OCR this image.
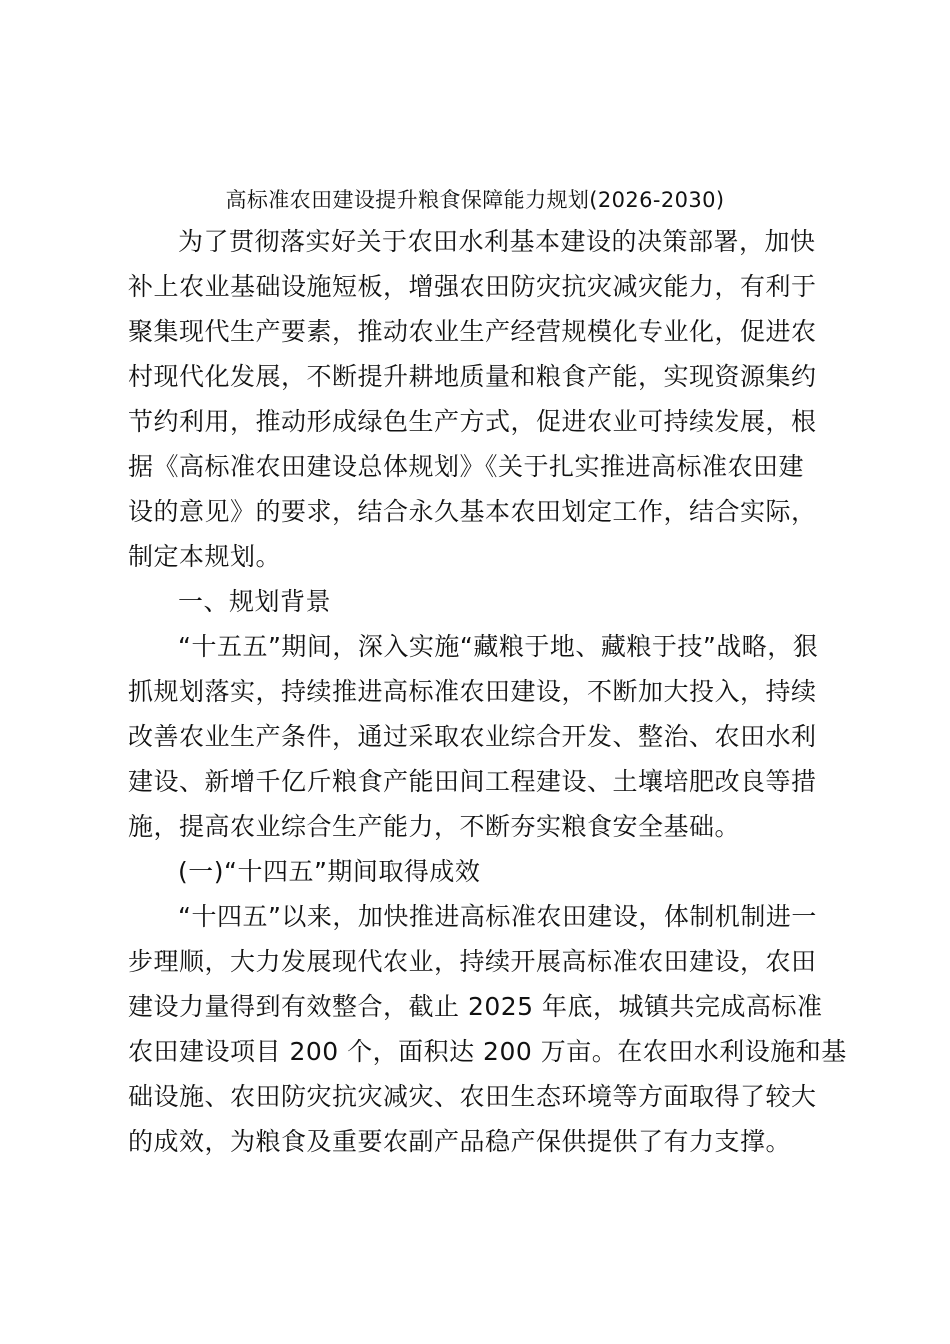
高标准农田建设提升粮食保障能力规划(2026-2030)
为了贯彻落实好关于农田水利基本建设的决策部署，加快
补上农业基础设施短板，增强农田防灾抗灾减灾能力，有利于
聚集现代生产要素，推动农业生产经营规模化专业化，促进农
村现代化发展，不断提升耕地质量和粮食产能，实现资源集约
节约利用，推动形成绿色生产方式，促进农业可持续发展，根
据《高标准农田建设总体规划》《关于扎实推进高标准农田建
设的意见》的要求，结合永久基本农田划定工作，结合实际，
制定本规划。
一、规划背景
“十五五”期间，深入实施“藏粮于地、藏粮于技”战略，狠
抓规划落实，持续推进高标准农田建设，不断加大投入，持续
改善农业生产条件，通过采取农业综合开发、整治、农田水利
建设、新增千亿斤粮食产能田间工程建设、土壤培肥改良等措
施，提高农业综合生产能力，不断夯实粮食安全基础。
(一)“十四五”期间取得成效
“十四五”以来，加快推进高标准农田建设，体制机制进一
步理顺，大力发展现代农业，持续开展高标准农田建设，农田
建设力量得到有效整合，截止 2025 年底，城镇共完成高标准
农田建设项目 200 个，面积达 200 万亩。在农田水利设施和基
础设施、农田防灾抗灾减灾、农田生态环境等方面取得了较大
的成效，为粮食及重要农副产品稳产保供提供了有力支撑。
